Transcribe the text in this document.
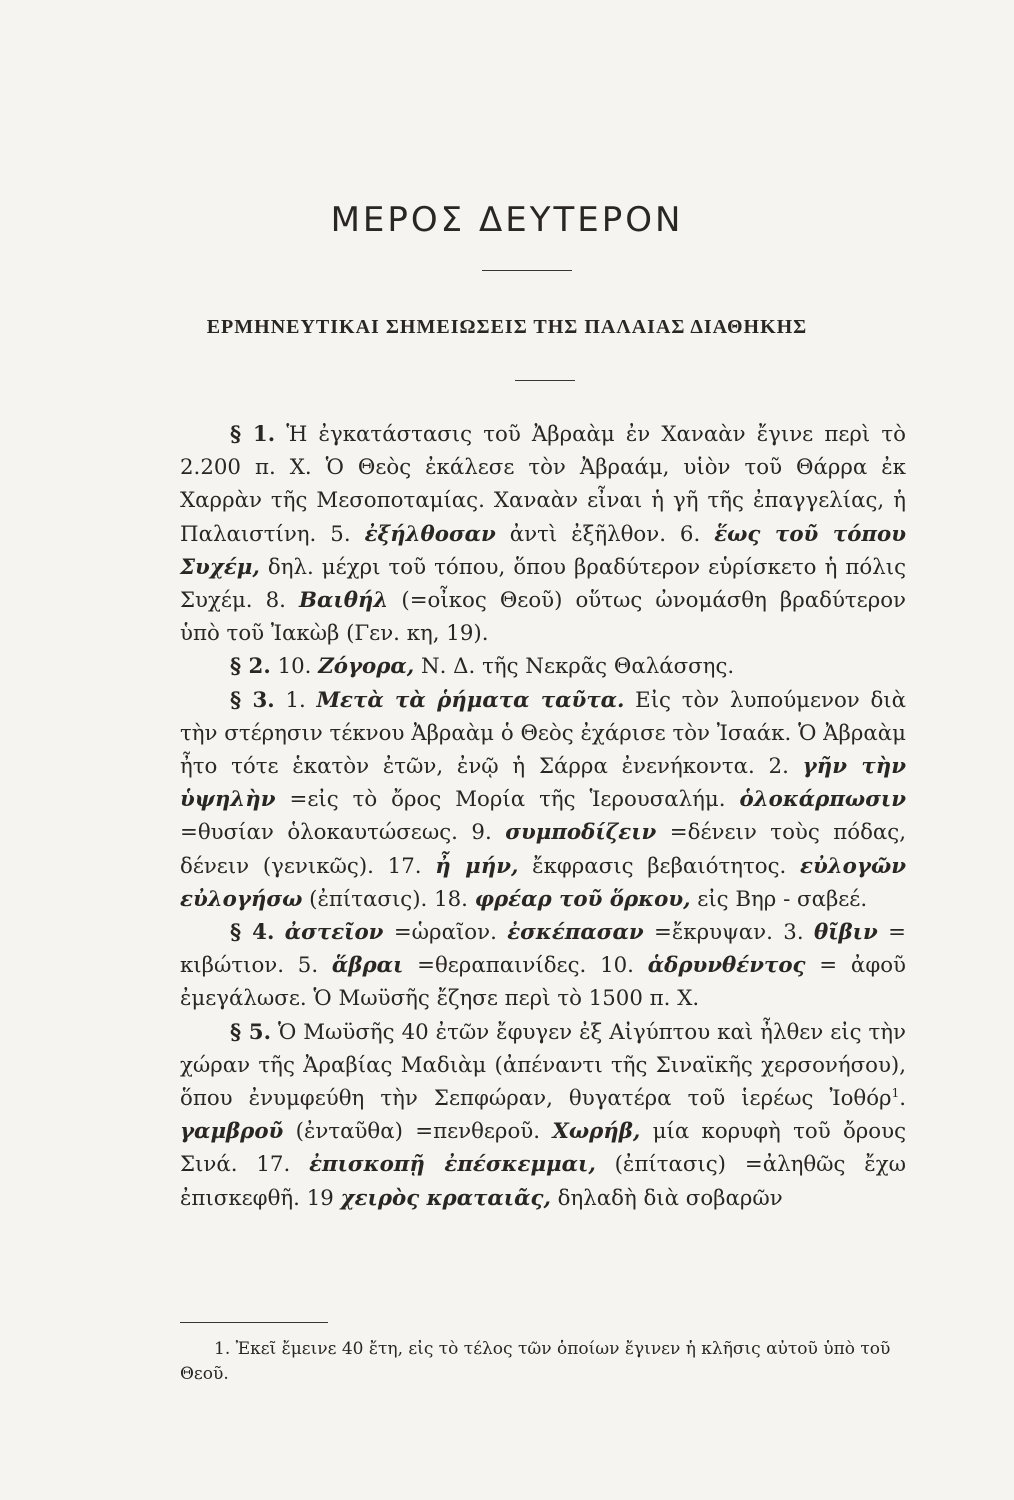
ΜΕΡΟΣ ΔΕΥΤΕΡΟΝ
ΕΡΜΗΝΕΥΤΙΚΑΙ ΣΗΜΕΙΩΣΕΙΣ ΤΗΣ ΠΑΛΑΙΑΣ ΔΙΑΘΗΚΗΣ

§ 1. Ἡ ἐγκατάστασις τοῦ Ἀβραὰμ ἐν Χαναὰν ἔγινε περὶ τὸ 2.200 π. Χ. Ὁ Θεὸς ἐκάλεσε τὸν Ἀβραάμ, υἱὸν τοῦ Θάρρα ἐκ Χαρρὰν τῆς Μεσοποταμίας. Χαναὰν εἶναι ἡ γῆ τῆς ἐπαγγελίας, ἡ Παλαιστίνη. 5. ἐξήλθοσαν ἀντὶ ἐξῆλθον. 6. ἕως τοῦ τόπου Συχέμ, δηλ. μέχρι τοῦ τόπου, ὅπου βραδύτερον εὑρίσκετο ἡ πόλις Συχέμ. 8. Βαιθήλ (=οἶκος Θεοῦ) οὕτως ὠνομάσθη βραδύτερον ὑπὸ τοῦ Ἰακὼβ (Γεν. κη, 19).

§ 2. 10. Ζόγορα, Ν. Δ. τῆς Νεκρᾶς Θαλάσσης.

§ 3. 1. Μετὰ τὰ ῥήματα ταῦτα. Εἰς τὸν λυπούμενον διὰ τὴν στέρησιν τέκνου Ἀβραὰμ ὁ Θεὸς ἐχάρισε τὸν Ἰσαάκ. Ὁ Ἀβραὰμ ἦτο τότε ἑκατὸν ἐτῶν, ἐνῷ ἡ Σάρρα ἐνενήκοντα. 2. γῆν τὴν ὑψηλὴν =εἰς τὸ ὄρος Μορία τῆς Ἱερουσαλήμ. ὁλοκάρπωσιν =θυσίαν ὁλοκαυτώσεως. 9. συμποδίζειν =δένειν τοὺς πόδας, δένειν (γενικῶς). 17. ἦ μήν, ἔκφρασις βεβαιότητος. εὐλογῶν εὐλογήσω (ἐπίτασις). 18. φρέαρ τοῦ ὅρκου, εἰς Βηρ - σαβεέ.

§ 4. ἀστεῖον =ὡραῖον. ἐσκέπασαν =ἔκρυψαν. 3. θῖβιν = κιβώτιον. 5. ἅβραι =θεραπαινίδες. 10. ἁδρυνθέντος = ἀφοῦ ἐμεγάλωσε. Ὁ Μωϋσῆς ἔζησε περὶ τὸ 1500 π. Χ.

§ 5. Ὁ Μωϋσῆς 40 ἐτῶν ἔφυγεν ἐξ Αἰγύπτου καὶ ἦλθεν εἰς τὴν χώραν τῆς Ἀραβίας Μαδιὰμ (ἀπέναντι τῆς Σιναϊκῆς χερσονήσου), ὅπου ἐνυμφεύθη τὴν Σεπφώραν, θυγατέρα τοῦ ἱερέως Ἰοθόρ$^1$. γαμβροῦ (ἐνταῦθα) =πενθεροῦ. Χωρήβ, μία κορυφὴ τοῦ ὄρους Σινά. 17. ἐπισκοπῇ ἐπέσκεμμαι, (ἐπίτασις) =ἀληθῶς ἔχω ἐπισκεφθῆ. 19 χειρὸς κραταιᾶς, δηλαδὴ διὰ σοβαρῶν

1. Ἐκεῖ ἔμεινε 40 ἔτη, εἰς τὸ τέλος τῶν ὁποίων ἔγινεν ἡ κλῆσις αὐτοῦ ὑπὸ τοῦ Θεοῦ.
